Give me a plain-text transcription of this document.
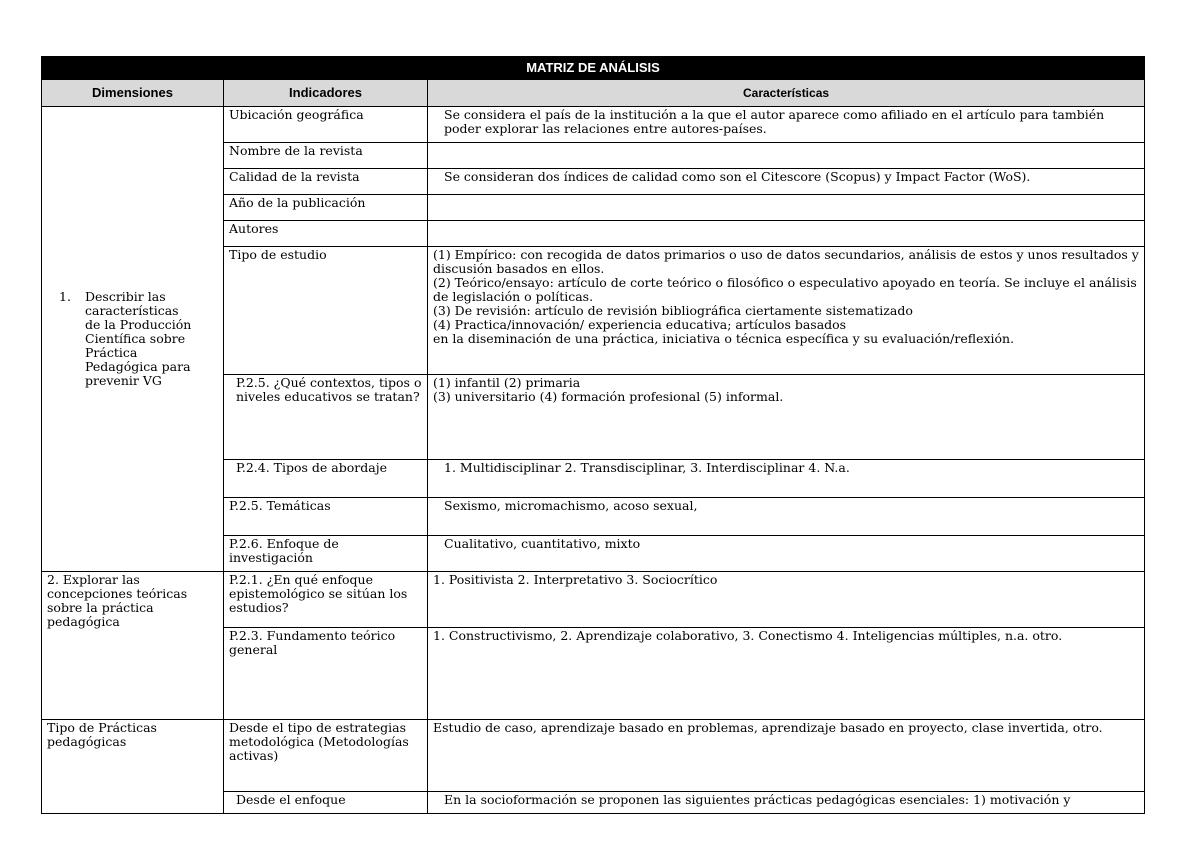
MATRIZ DE ANÁLISIS		
Dimensiones	Indicadores	Características

1. Describir las características de la Producción Científica sobre Práctica Pedagógica para prevenir VG	Ubicación geográfica	Se considera el país de la institución a la que el autor aparece como afiliado en el artículo para también poder explorar las relaciones entre autores-países.
	Nombre de la revista	
	Calidad de la revista	Se consideran dos índices de calidad como son el Citescore (Scopus) y Impact Factor (WoS).
	Año de la publicación	
	Autores	
	Tipo de estudio	(1) Empírico: con recogida de datos primarios o uso de datos secundarios, análisis de estos y unos resultados y discusión basados en ellos.

(2) Teórico/ensayo: artículo de corte teórico o filosófico o especulativo apoyado en teoría. Se incluye el análisis de legislación o políticas.

(3) De revisión: artículo de revisión bibliográfica ciertamente sistematizado

(4) Practica/innovación/ experiencia educativa; artículos basados

en la diseminación de una práctica, iniciativa o técnica específica y su evaluación/reflexión.

	P.2.5. ¿Qué contextos, tipos o niveles educativos se tratan?	(1) infantil (2) primaria

(3) universitario (4) formación profesional (5) informal.

	P.2.4. Tipos de abordaje	1. Multidisciplinar 2. Transdisciplinar, 3. Interdisciplinar 4. N.a.
	P.2.5. Temáticas	Sexismo, micromachismo, acoso sexual,
	P.2.6. Enfoque de investigación	Cualitativo, cuantitativo, mixto
2. Explorar las concepciones teóricas sobre la práctica pedagógica	P.2.1. ¿En qué enfoque epistemológico se sitúan los estudios?	1. Positivista 2. Interpretativo 3. Sociocrítico
	P.2.3. Fundamento teórico general	1. Constructivismo, 2. Aprendizaje colaborativo, 3. Conectismo 4. Inteligencias múltiples, n.a. otro.
Tipo de Prácticas pedagógicas	Desde el tipo de estrategias metodológica (Metodologías activas)	Estudio de caso, aprendizaje basado en problemas, aprendizaje basado en proyecto, clase invertida, otro.
	Desde el enfoque	En la socioformación se proponen las siguientes prácticas pedagógicas esenciales: 1) motivación y
